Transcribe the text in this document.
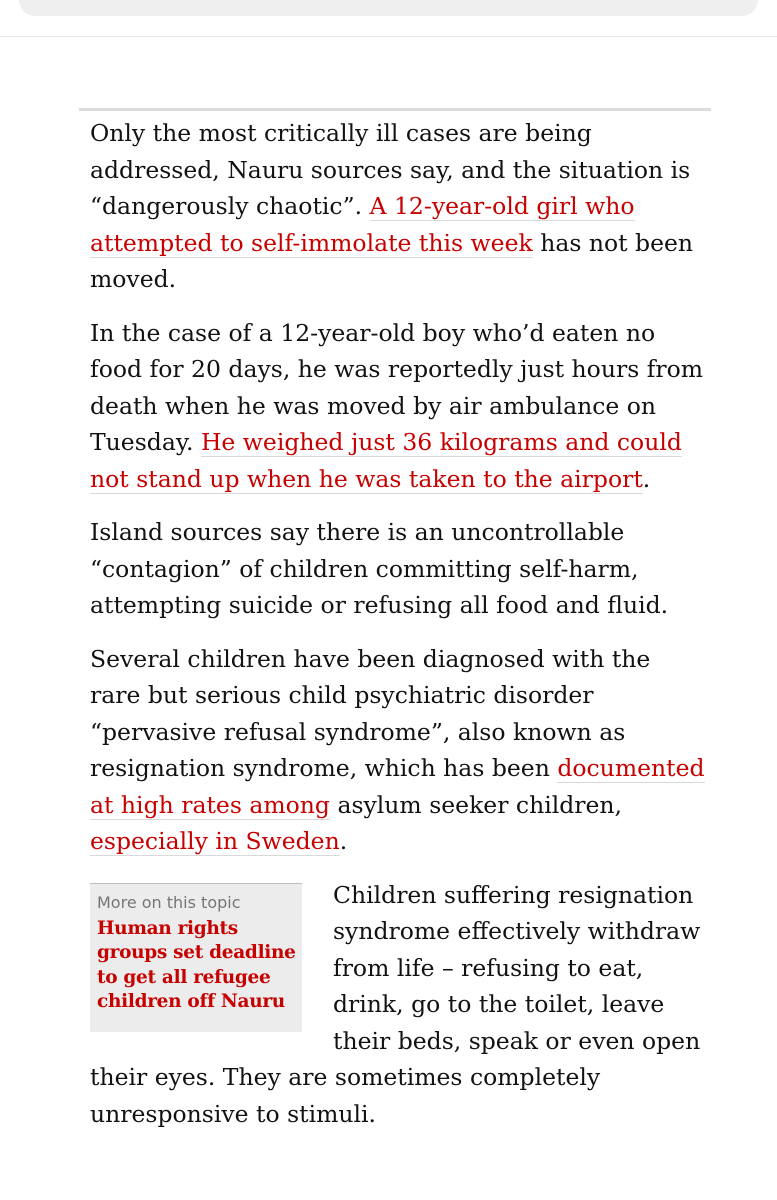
Only the most critically ill cases are being addressed, Nauru sources say, and the situation is “dangerously chaotic”. A 12-year-old girl who attempted to self-immolate this week has not been moved.

In the case of a 12-year-old boy who’d eaten no food for 20 days, he was reportedly just hours from death when he was moved by air ambulance on Tuesday. He weighed just 36 kilograms and could not stand up when he was taken to the airport.

Island sources say there is an uncontrollable “contagion” of children committing self-harm, attempting suicide or refusing all food and fluid.

Several children have been diagnosed with the rare but serious child psychiatric disorder “pervasive refusal syndrome”, also known as resignation syndrome, which has been documented at high rates among asylum seeker children, especially in Sweden.

More on this topic
Human rights groups set deadline to get all refugee children off Nauru

Children suffering resignation syndrome effectively withdraw from life – refusing to eat, drink, go to the toilet, leave their beds, speak or even open their eyes. They are sometimes completely unresponsive to stimuli.
